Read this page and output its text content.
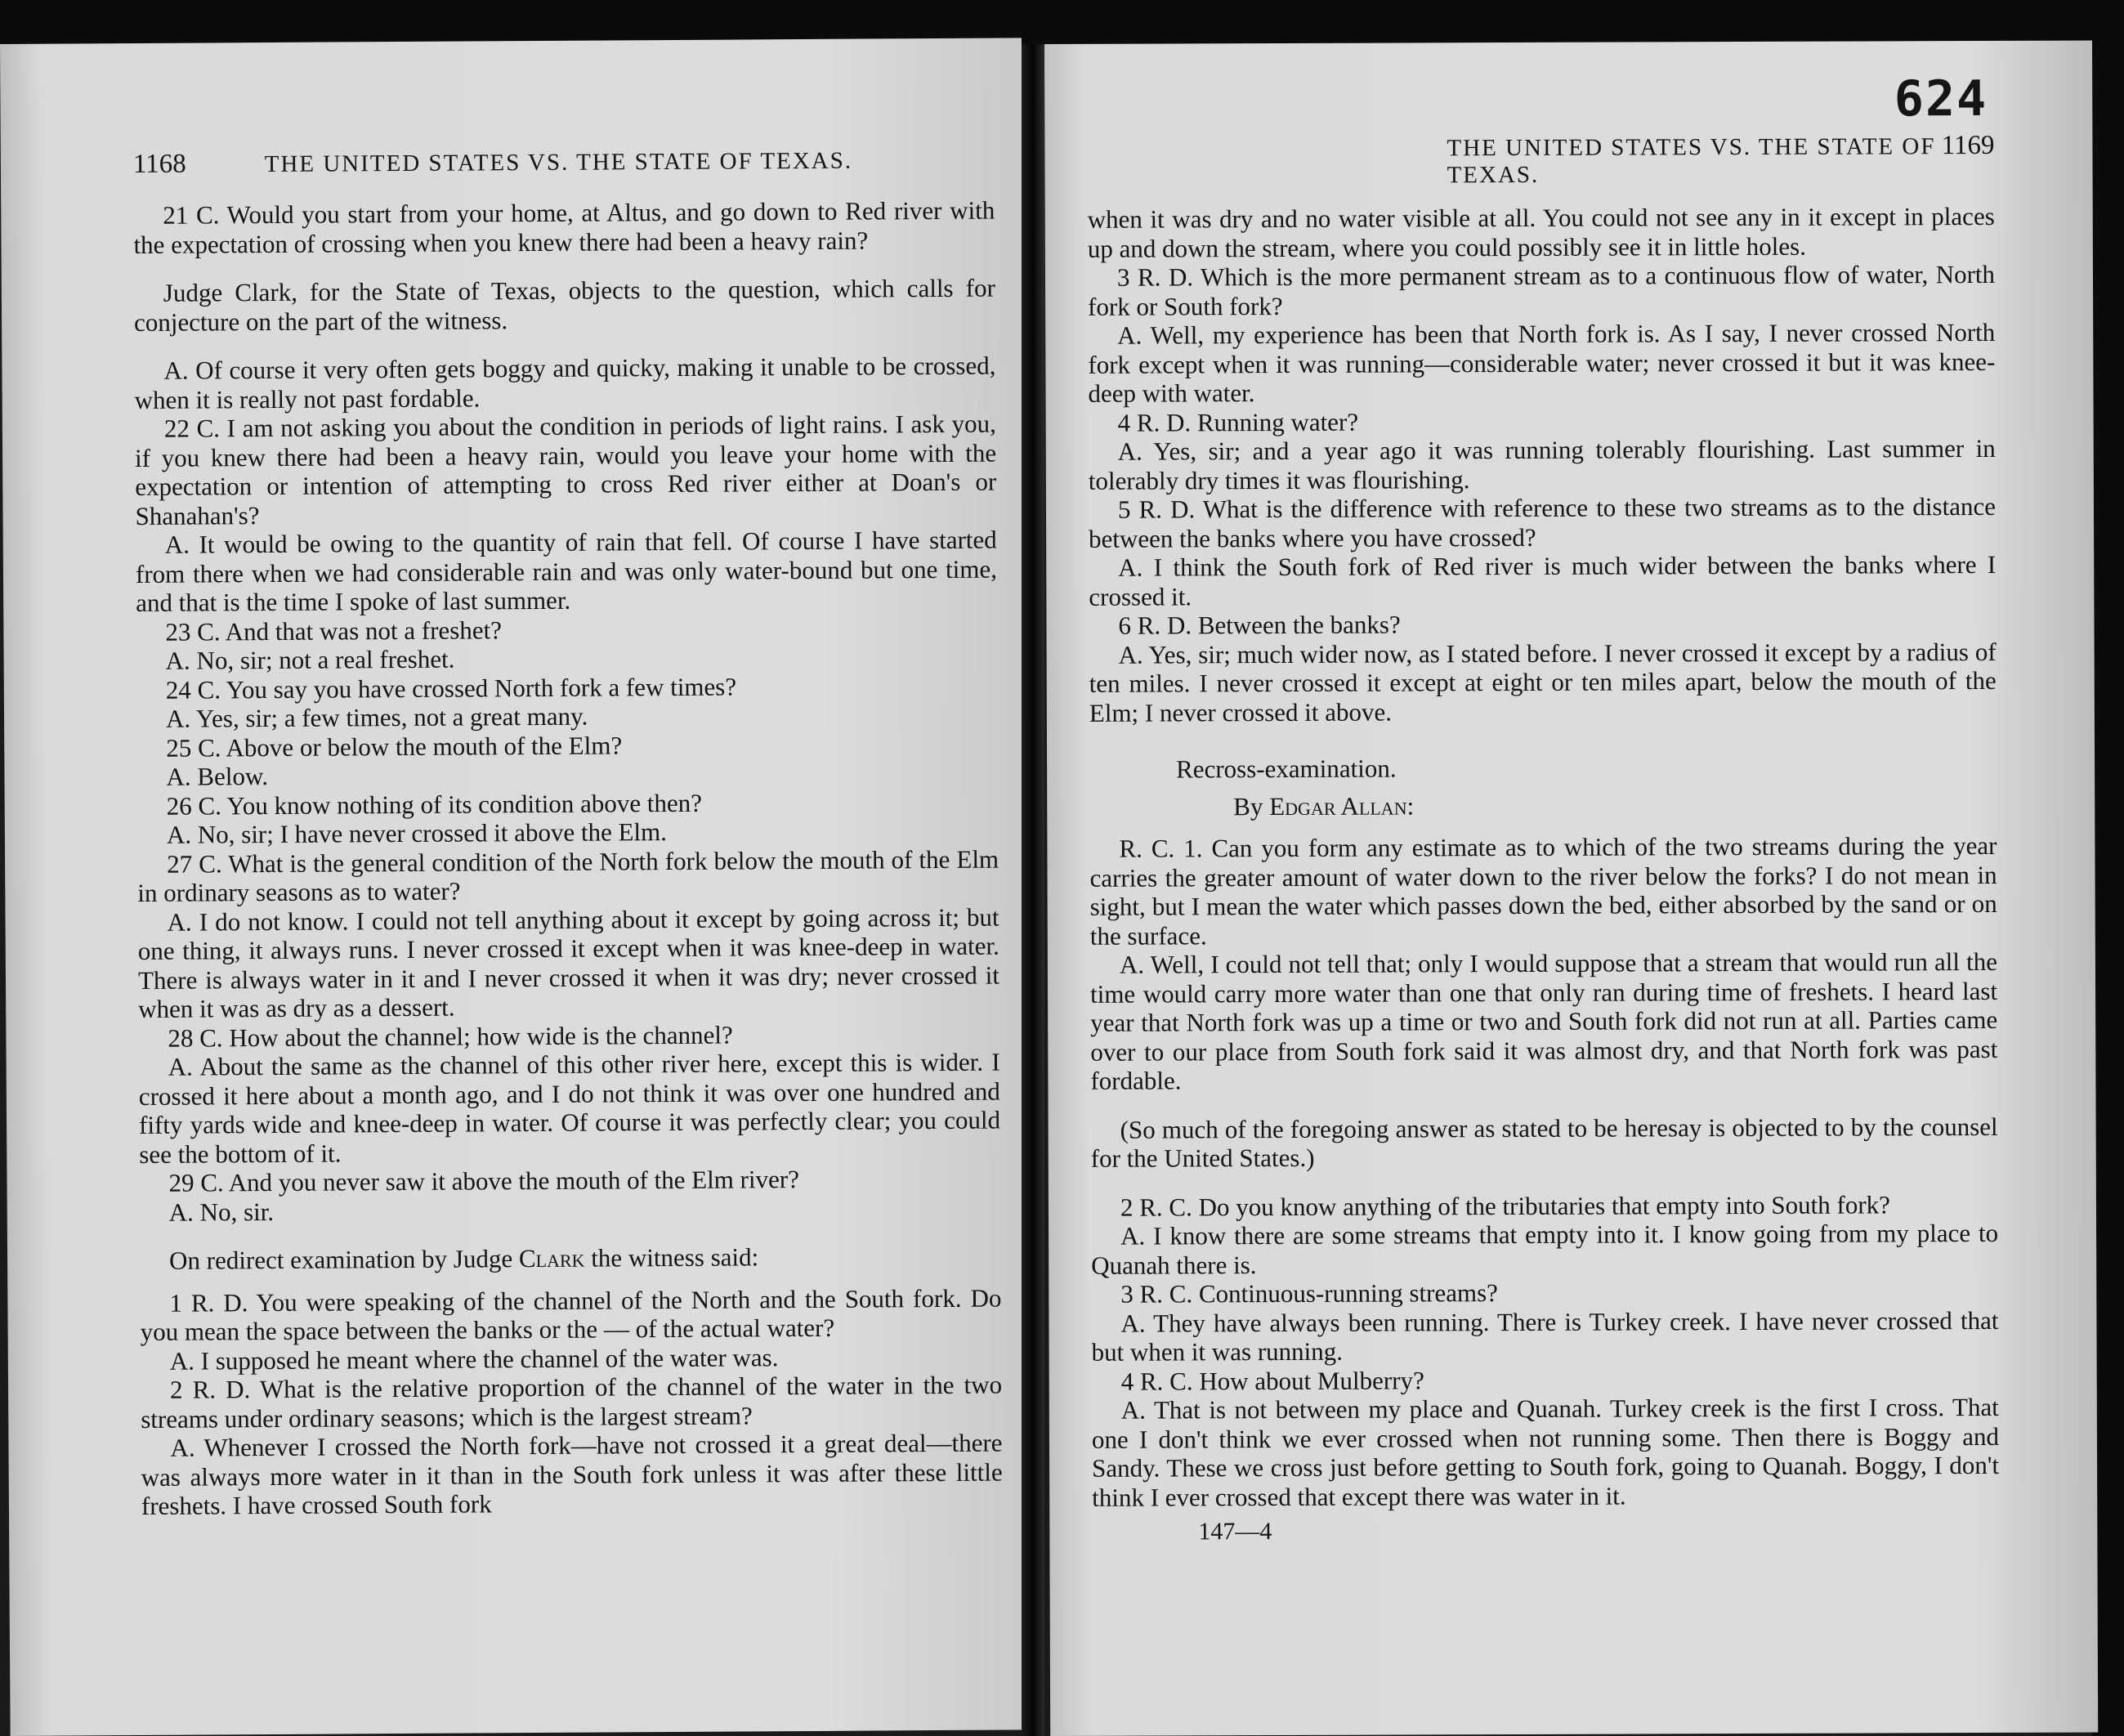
1168	THE UNITED STATES VS. THE STATE OF TEXAS.

21 C. Would you start from your home, at Altus, and go down to Red river with the expectation of crossing when you knew there had been a heavy rain?

Judge Clark, for the State of Texas, objects to the question, which calls for conjecture on the part of the witness.

A. Of course it very often gets boggy and quicky, making it unable to be crossed, when it is really not past fordable.

22 C. I am not asking you about the condition in periods of light rains. I ask you, if you knew there had been a heavy rain, would you leave your home with the expectation or intention of attempting to cross Red river either at Doan's or Shanahan's?

A. It would be owing to the quantity of rain that fell. Of course I have started from there when we had considerable rain and was only water-bound but one time, and that is the time I spoke of last summer.

23 C. And that was not a freshet?

A. No, sir; not a real freshet.

24 C. You say you have crossed North fork a few times?

A. Yes, sir; a few times, not a great many.

25 C. Above or below the mouth of the Elm?

A. Below.

26 C. You know nothing of its condition above then?

A. No, sir; I have never crossed it above the Elm.

27 C. What is the general condition of the North fork below the mouth of the Elm in ordinary seasons as to water?

A. I do not know. I could not tell anything about it except by going across it; but one thing, it always runs. I never crossed it except when it was knee-deep in water. There is always water in it and I never crossed it when it was dry; never crossed it when it was as dry as a dessert.

28 C. How about the channel; how wide is the channel?

A. About the same as the channel of this other river here, except this is wider. I crossed it here about a month ago, and I do not think it was over one hundred and fifty yards wide and knee-deep in water. Of course it was perfectly clear; you could see the bottom of it.

29 C. And you never saw it above the mouth of the Elm river?

A. No, sir.

On redirect examination by Judge Clark the witness said:

1 R. D. You were speaking of the channel of the North and the South fork. Do you mean the space between the banks or the — of the actual water?

A. I supposed he meant where the channel of the water was.

2 R. D. What is the relative proportion of the channel of the water in the two streams under ordinary seasons; which is the largest stream?

A. Whenever I crossed the North fork—have not crossed it a great deal—there was always more water in it than in the South fork unless it was after these little freshets. I have crossed South fork

624
THE UNITED STATES VS. THE STATE OF TEXAS.
1169

when it was dry and no water visible at all. You could not see any in it except in places up and down the stream, where you could possibly see it in little holes.

3 R. D. Which is the more permanent stream as to a continuous flow of water, North fork or South fork?

A. Well, my experience has been that North fork is. As I say, I never crossed North fork except when it was running—considerable water; never crossed it but it was knee-deep with water.

4 R. D. Running water?

A. Yes, sir; and a year ago it was running tolerably flourishing. Last summer in tolerably dry times it was flourishing.

5 R. D. What is the difference with reference to these two streams as to the distance between the banks where you have crossed?

A. I think the South fork of Red river is much wider between the banks where I crossed it.

6 R. D. Between the banks?

A. Yes, sir; much wider now, as I stated before. I never crossed it except by a radius of ten miles. I never crossed it except at eight or ten miles apart, below the mouth of the Elm; I never crossed it above.

Recross-examination.

By Edgar Allan:

R. C. 1. Can you form any estimate as to which of the two streams during the year carries the greater amount of water down to the river below the forks? I do not mean in sight, but I mean the water which passes down the bed, either absorbed by the sand or on the surface.

A. Well, I could not tell that; only I would suppose that a stream that would run all the time would carry more water than one that only ran during time of freshets. I heard last year that North fork was up a time or two and South fork did not run at all. Parties came over to our place from South fork said it was almost dry, and that North fork was past fordable.

(So much of the foregoing answer as stated to be heresay is objected to by the counsel for the United States.)

2 R. C. Do you know anything of the tributaries that empty into South fork?

A. I know there are some streams that empty into it. I know going from my place to Quanah there is.

3 R. C. Continuous-running streams?

A. They have always been running. There is Turkey creek. I have never crossed that but when it was running.

4 R. C. How about Mulberry?

A. That is not between my place and Quanah. Turkey creek is the first I cross. That one I don't think we ever crossed when not running some. Then there is Boggy and Sandy. These we cross just before getting to South fork, going to Quanah. Boggy, I don't think I ever crossed that except there was water in it.

147—4
